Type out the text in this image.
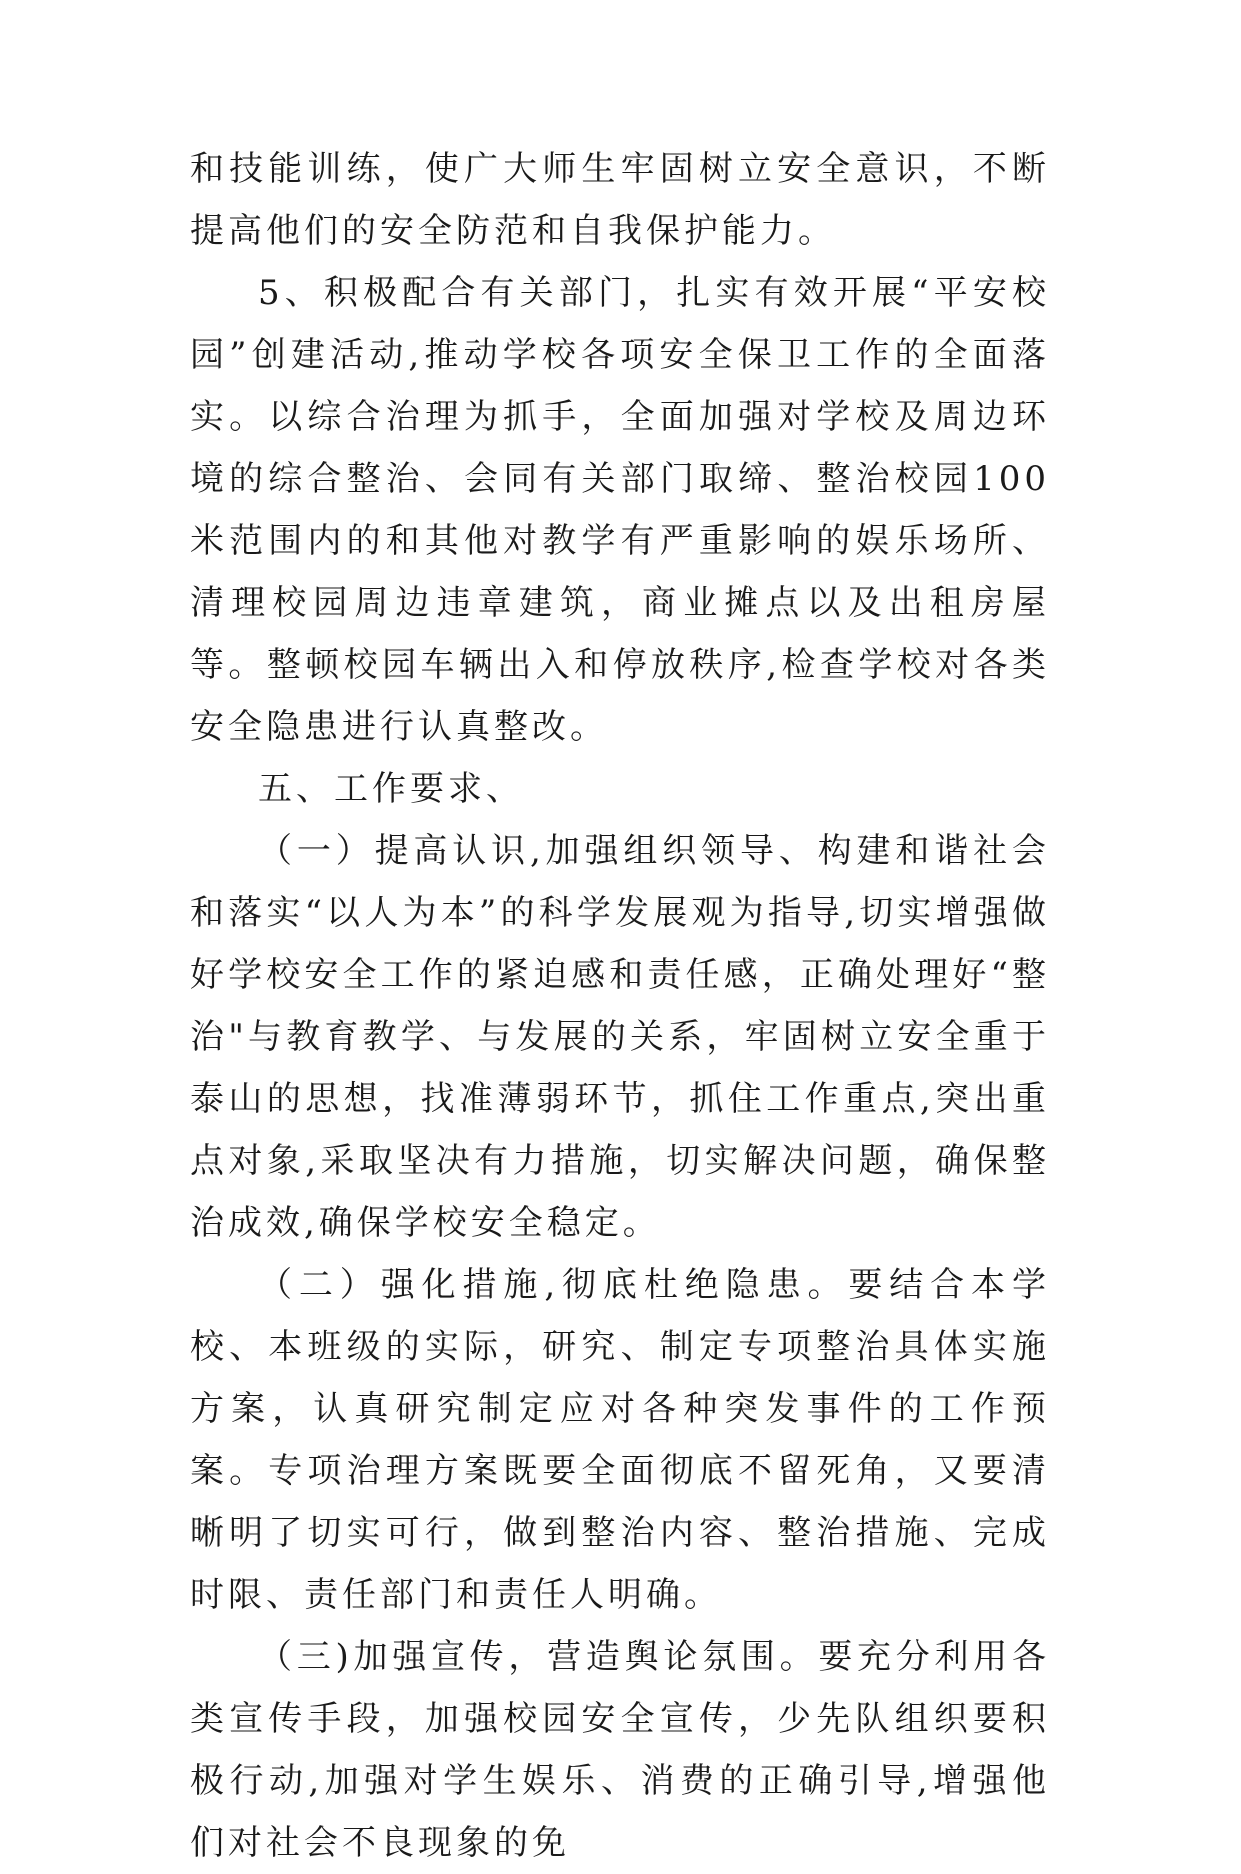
和技能训练，使广大师生牢固树立安全意识，不断提高他们的安全防范和自我保护能力。

5、积极配合有关部门，扎实有效开展“平安校园”创建活动,推动学校各项安全保卫工作的全面落实。以综合治理为抓手，全面加强对学校及周边环境的综合整治、会同有关部门取缔、整治校园100米范围内的和其他对教学有严重影响的娱乐场所、清理校园周边违章建筑，商业摊点以及出租房屋等。整顿校园车辆出入和停放秩序,检查学校对各类安全隐患进行认真整改。

五、工作要求、

（一）提高认识,加强组织领导、构建和谐社会和落实“以人为本”的科学发展观为指导,切实增强做好学校安全工作的紧迫感和责任感，正确处理好“整治"与教育教学、与发展的关系，牢固树立安全重于泰山的思想，找准薄弱环节，抓住工作重点,突出重点对象,采取坚决有力措施，切实解决问题，确保整治成效,确保学校安全稳定。

（二）强化措施,彻底杜绝隐患。要结合本学校、本班级的实际，研究、制定专项整治具体实施方案，认真研究制定应对各种突发事件的工作预案。专项治理方案既要全面彻底不留死角，又要清晰明了切实可行，做到整治内容、整治措施、完成时限、责任部门和责任人明确。

（三)加强宣传，营造舆论氛围。要充分利用各类宣传手段，加强校园安全宣传，少先队组织要积极行动,加强对学生娱乐、消费的正确引导,增强他们对社会不良现象的免
